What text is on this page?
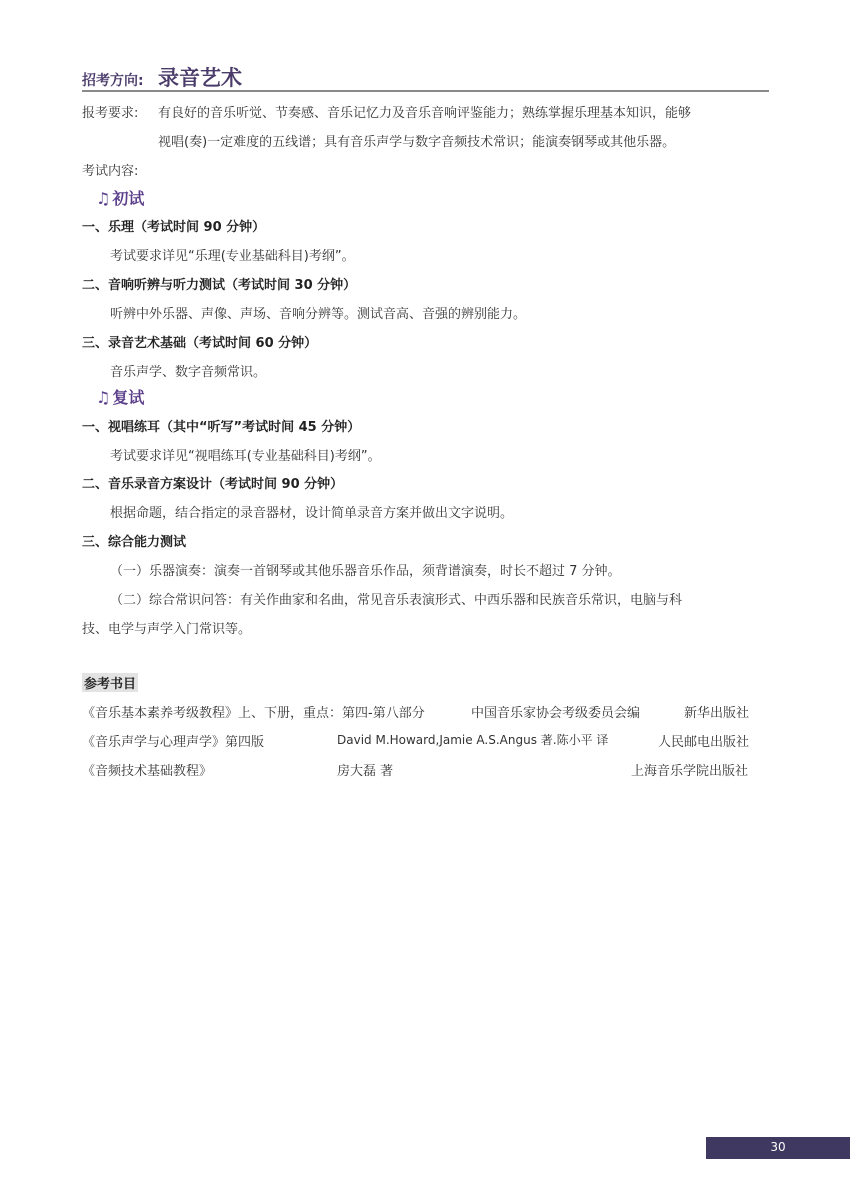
招考方向: 录音艺术
报考要求: 有良好的音乐听觉、节奏感、音乐记忆力及音乐音响评鉴能力；熟练掌握乐理基本知识，能够
视唱(奏)一定难度的五线谱；具有音乐声学与数字音频技术常识；能演奏钢琴或其他乐器。
考试内容:
♫ 初试
一、乐理（考试时间 90 分钟）
考试要求详见“乐理(专业基础科目)考纲”。
二、音响听辨与听力测试（考试时间 30 分钟）
听辨中外乐器、声像、声场、音响分辨等。测试音高、音强的辨别能力。
三、录音艺术基础（考试时间 60 分钟）
音乐声学、数字音频常识。
♫ 复试
一、视唱练耳（其中“听写”考试时间 45 分钟）
考试要求详见“视唱练耳(专业基础科目)考纲”。
二、音乐录音方案设计（考试时间 90 分钟）
根据命题，结合指定的录音器材，设计简单录音方案并做出文字说明。
三、综合能力测试
（一）乐器演奏：演奏一首钢琴或其他乐器音乐作品，须背谱演奏，时长不超过 7 分钟。
（二）综合常识问答：有关作曲家和名曲，常见音乐表演形式、中西乐器和民族音乐常识，电脑与科
技、电学与声学入门常识等。
参考书目
《音乐基本素养考级教程》上、下册，重点：第四-第八部分	中国音乐家协会考级委员会编	新华出版社
《音乐声学与心理声学》第四版	David M.Howard,Jamie A.S.Angus 著.陈小平 译	人民邮电出版社
《音频技术基础教程》	房大磊 著	上海音乐学院出版社
30
